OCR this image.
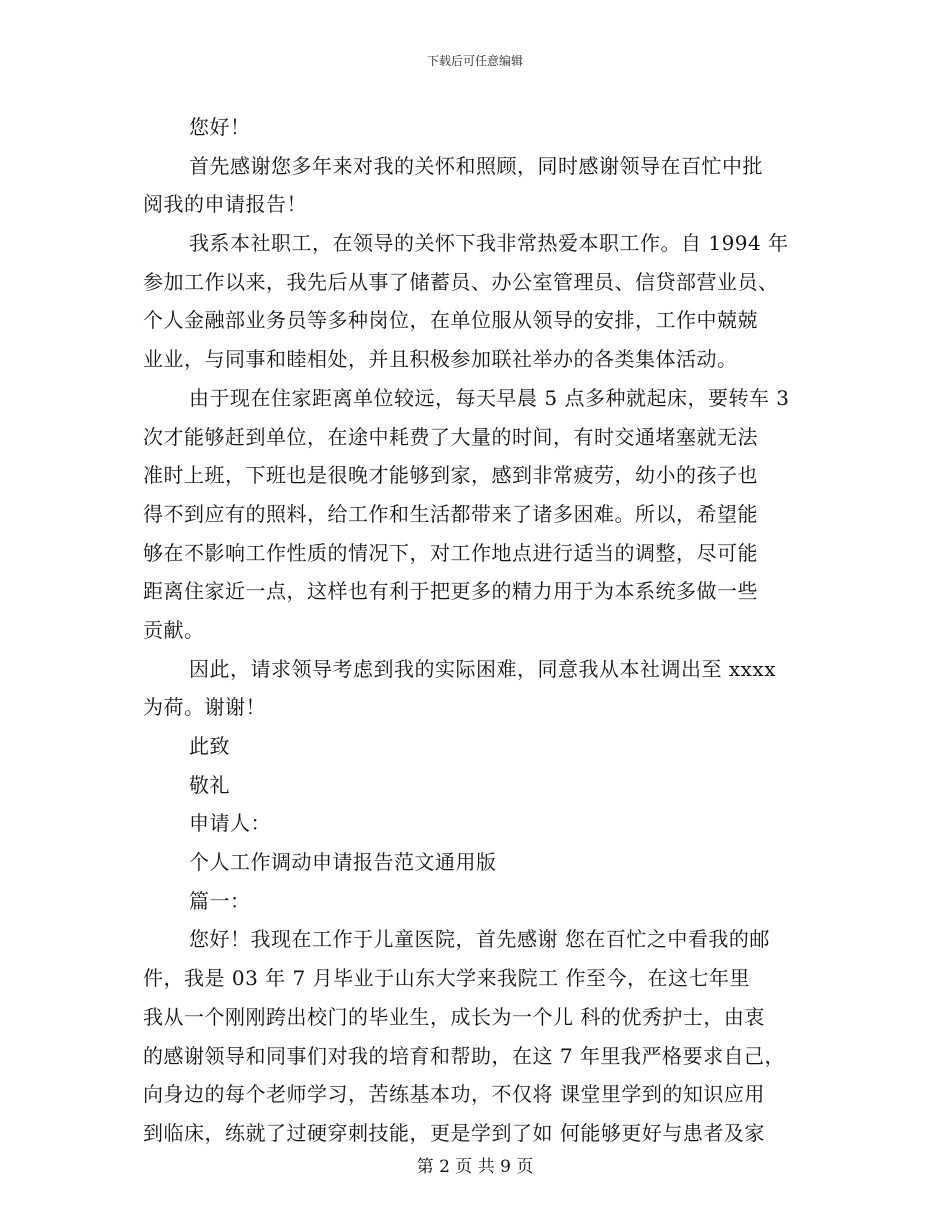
下载后可任意编辑
您好！
首先感谢您多年来对我的关怀和照顾，同时感谢领导在百忙中批
阅我的申请报告！
我系本社职工，在领导的关怀下我非常热爱本职工作。自 1994 年
参加工作以来，我先后从事了储蓄员、办公室管理员、信贷部营业员、
个人金融部业务员等多种岗位，在单位服从领导的安排，工作中兢兢
业业，与同事和睦相处，并且积极参加联社举办的各类集体活动。
由于现在住家距离单位较远，每天早晨 5 点多种就起床，要转车 3
次才能够赶到单位，在途中耗费了大量的时间，有时交通堵塞就无法
准时上班，下班也是很晚才能够到家，感到非常疲劳，幼小的孩子也
得不到应有的照料，给工作和生活都带来了诸多困难。所以，希望能
够在不影响工作性质的情况下，对工作地点进行适当的调整，尽可能
距离住家近一点，这样也有利于把更多的精力用于为本系统多做一些
贡献。
因此，请求领导考虑到我的实际困难，同意我从本社调出至 xxxx
为荷。谢谢！
此致
敬礼
申请人：
个人工作调动申请报告范文通用版
篇一：
您好！我现在工作于儿童医院，首先感谢 您在百忙之中看我的邮
件，我是 03 年 7 月毕业于山东大学来我院工 作至今，在这七年里
我从一个刚刚跨出校门的毕业生，成长为一个儿 科的优秀护士，由衷
的感谢领导和同事们对我的培育和帮助，在这 7 年里我严格要求自己，
向身边的每个老师学习，苦练基本功，不仅将 课堂里学到的知识应用
到临床，练就了过硬穿刺技能，更是学到了如 何能够更好与患者及家
第 2 页 共 9 页
